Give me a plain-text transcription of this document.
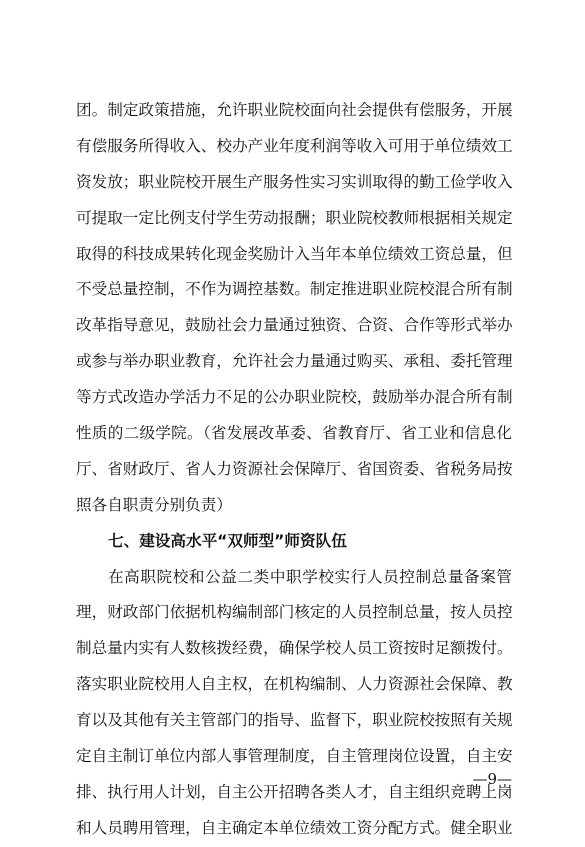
团。制定政策措施，允许职业院校面向社会提供有偿服务，开展
有偿服务所得收入、校办产业年度利润等收入可用于单位绩效工
资发放；职业院校开展生产服务性实习实训取得的勤工俭学收入
可提取一定比例支付学生劳动报酬；职业院校教师根据相关规定
取得的科技成果转化现金奖励计入当年本单位绩效工资总量，但
不受总量控制，不作为调控基数。制定推进职业院校混合所有制
改革指导意见，鼓励社会力量通过独资、合资、合作等形式举办
或参与举办职业教育，允许社会力量通过购买、承租、委托管理
等方式改造办学活力不足的公办职业院校，鼓励举办混合所有制
性质的二级学院。（省发展改革委、省教育厅、省工业和信息化
厅、省财政厅、省人力资源社会保障厅、省国资委、省税务局按
照各自职责分别负责）
七、建设高水平“双师型”师资队伍
在高职院校和公益二类中职学校实行人员控制总量备案管
理，财政部门依据机构编制部门核定的人员控制总量，按人员控
制总量内实有人数核拨经费，确保学校人员工资按时足额拨付。
落实职业院校用人自主权，在机构编制、人力资源社会保障、教
育以及其他有关主管部门的指导、监督下，职业院校按照有关规
定自主制订单位内部人事管理制度，自主管理岗位设置，自主安
排、执行用人计划，自主公开招聘各类人才，自主组织竞聘上岗
和人员聘用管理，自主确定本单位绩效工资分配方式。健全职业
—9—
